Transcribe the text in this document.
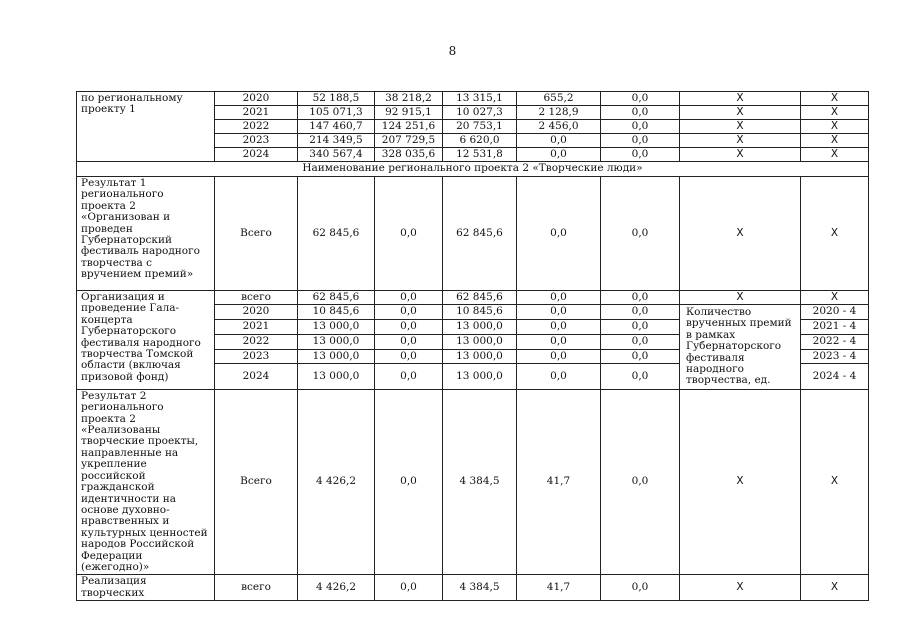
8
по региональному проекту 1	2020	52 188,5	38 218,2	13 315,1	655,2	0,0	X	X
	2021	105 071,3	92 915,1	10 027,3	2 128,9	0,0	X	X
	2022	147 460,7	124 251,6	20 753,1	2 456,0	0,0	X	X
	2023	214 349,5	207 729,5	6 620,0	0,0	0,0	X	X
	2024	340 567,4	328 035,6	12 531,8	0,0	0,0	X	X
Наименование регионального проекта 2 «Творческие люди»								
Результат 1 регионального проекта 2 «Организован и проведен Губернаторский фестиваль народного творчества с вручением премий»	Всего	62 845,6	0,0	62 845,6	0,0	0,0	X	X
Организация и проведение Гала-концерта Губернаторского фестиваля народного творчества Томской области (включая призовой фонд)	всего	62 845,6	0,0	62 845,6	0,0	0,0	X	X
	2020	10 845,6	0,0	10 845,6	0,0	0,0	Количество врученных премий в рамках Губернаторского фестиваля народного творчества, ед.	2020 - 4
	2021	13 000,0	0,0	13 000,0	0,0	0,0		2021 - 4
	2022	13 000,0	0,0	13 000,0	0,0	0,0		2022 - 4
	2023	13 000,0	0,0	13 000,0	0,0	0,0		2023 - 4
	2024	13 000,0	0,0	13 000,0	0,0	0,0		2024 - 4
Результат 2 регионального проекта 2 «Реализованы творческие проекты, направленные на укрепление российской гражданской идентичности на основе духовно-нравственных и культурных ценностей народов Российской Федерации (ежегодно)»	Всего	4 426,2	0,0	4 384,5	41,7	0,0	X	X
Реализация творческих	всего	4 426,2	0,0	4 384,5	41,7	0,0	X	X
